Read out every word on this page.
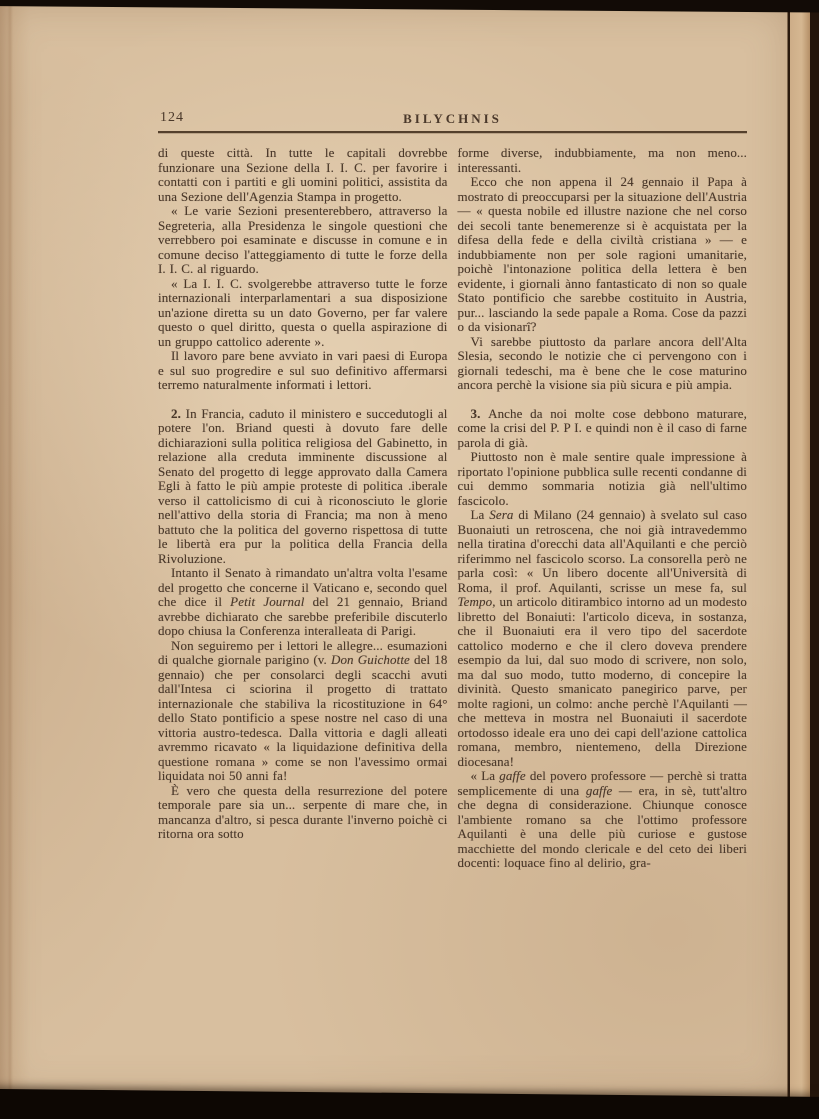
124	BILYCHNIS

di queste città. In tutte le capitali dovrebbe funzionare una Sezione della I. I. C. per favorire i contatti con i partiti e gli uomini politici, assistita da una Sezione dell'Agenzia Stampa in progetto.

« Le varie Sezioni presenterebbero, attraverso la Segreteria, alla Presidenza le singole questioni che verrebbero poi esaminate e discusse in comune e in comune deciso l'atteggiamento di tutte le forze della I. I. C. al riguardo.

« La I. I. C. svolgerebbe attraverso tutte le forze internazionali interparlamentari a sua disposizione un'azione diretta su un dato Governo, per far valere questo o quel diritto, questa o quella aspirazione di un gruppo cattolico aderente ».

Il lavoro pare bene avviato in vari paesi di Europa e sul suo progredire e sul suo definitivo affermarsi terremo naturalmente informati i lettori.

2. In Francia, caduto il ministero e succedutogli al potere l'on. Briand questi à dovuto fare delle dichiarazioni sulla politica religiosa del Gabinetto, in relazione alla creduta imminente discussione al Senato del progetto di legge approvato dalla Camera Egli à fatto le più ampie proteste di politica .iberale verso il cattolicismo di cui à riconosciuto le glorie nell'attivo della storia di Francia; ma non à meno battuto che la politica del governo rispettosa di tutte le libertà era pur la politica della Francia della Rivoluzione.

Intanto il Senato à rimandato un'altra volta l'esame del progetto che concerne il Vaticano e, secondo quel che dice il Petit Journal del 21 gennaio, Briand avrebbe dichiarato che sarebbe preferibile discuterlo dopo chiusa la Conferenza interalleata di Parigi.

Non seguiremo per i lettori le allegre... esumazioni di qualche giornale parigino (v. Don Guichotte del 18 gennaio) che per consolarci degli scacchi avuti dall'Intesa ci sciorina il progetto di trattato internazionale che stabiliva la ricostituzione in 64° dello Stato pontificio a spese nostre nel caso di una vittoria austro-tedesca. Dalla vittoria e dagli alleati avremmo ricavato « la liquidazione definitiva della questione romana » come se non l'avessimo ormai liquidata noi 50 anni fa!

È vero che questa della resurrezione del potere temporale pare sia un... serpente di mare che, in mancanza d'altro, si pesca durante l'inverno poichè ci ritorna ora sotto

forme diverse, indubbiamente, ma non meno... interessanti.

Ecco che non appena il 24 gennaio il Papa à mostrato di preoccuparsi per la situazione dell'Austria — « questa nobile ed illustre nazione che nel corso dei secoli tante benemerenze si è acquistata per la difesa della fede e della civiltà cristiana » — e indubbiamente non per sole ragioni umanitarie, poichè l'intonazione politica della lettera è ben evidente, i giornali ànno fantasticato di non so quale Stato pontificio che sarebbe costituito in Austria, pur... lasciando la sede papale a Roma. Cose da pazzi o da visionarî?

Vi sarebbe piuttosto da parlare ancora dell'Alta Slesia, secondo le notizie che ci pervengono con i giornali tedeschi, ma è bene che le cose maturino ancora perchè la visione sia più sicura e più ampia.

3. Anche da noi molte cose debbono maturare, come la crisi del P. P I. e quindi non è il caso di farne parola di già.

Piuttosto non è male sentire quale impressione à riportato l'opinione pubblica sulle recenti condanne di cui demmo sommaria notizia già nell'ultimo fascicolo.

La Sera di Milano (24 gennaio) à svelato sul caso Buonaiuti un retroscena, che noi già intravedemmo nella tiratina d'orecchi data all'Aquilanti e che perciò riferimmo nel fascicolo scorso. La consorella però ne parla così: « Un libero docente all'Università di Roma, il prof. Aquilanti, scrisse un mese fa, sul Tempo, un articolo ditirambico intorno ad un modesto libretto del Bonaiuti: l'articolo diceva, in sostanza, che il Buonaiuti era il vero tipo del sacerdote cattolico moderno e che il clero doveva prendere esempio da lui, dal suo modo di scrivere, non solo, ma dal suo modo, tutto moderno, di concepire la divinità. Questo smanicato panegirico parve, per molte ragioni, un colmo: anche perchè l'Aquilanti — che metteva in mostra nel Buonaiuti il sacerdote ortodosso ideale era uno dei capi dell'azione cattolica romana, membro, nientemeno, della Direzione diocesana!

« La gaffe del povero professore — perchè si tratta semplicemente di una gaffe — era, in sè, tutt'altro che degna di considerazione. Chiunque conosce l'ambiente romano sa che l'ottimo professore Aquilanti è una delle più curiose e gustose macchiette del mondo clericale e del ceto dei liberi docenti: loquace fino al delirio, gra-
